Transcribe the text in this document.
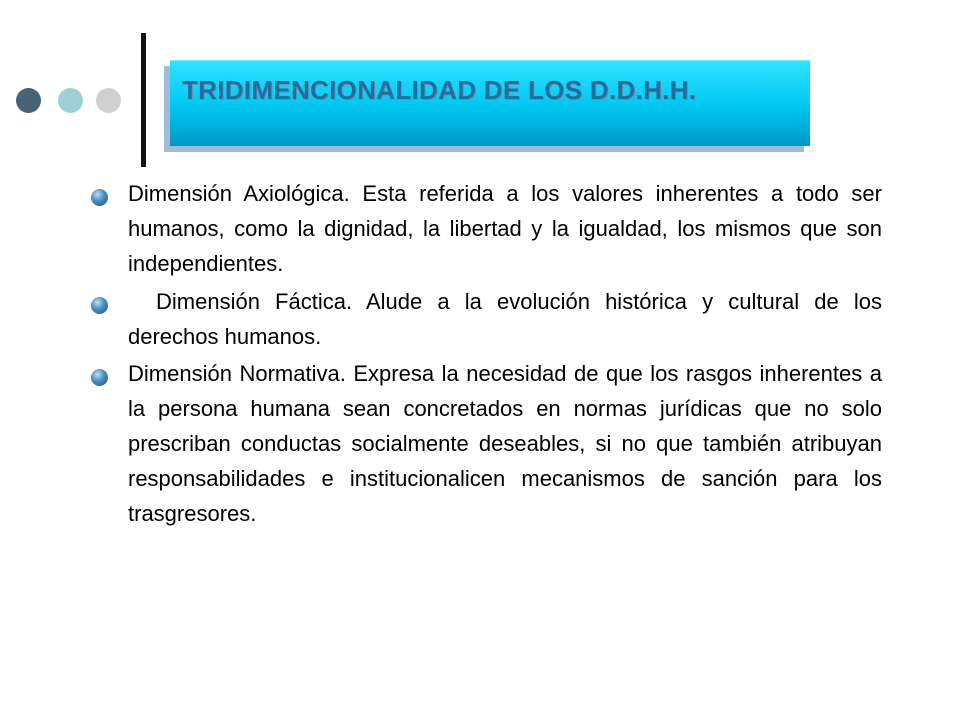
TRIDIMENCIONALIDAD DE LOS D.D.H.H.

Dimensión Axiológica. Esta referida a los valores inherentes a todo ser humanos, como la dignidad, la libertad y la igualdad, los mismos que son independientes.

Dimensión Fáctica. Alude a la evolución histórica y cultural de los derechos humanos.

Dimensión Normativa. Expresa la necesidad de que los rasgos inherentes a la persona humana sean concretados en normas jurídicas que no solo prescriban conductas socialmente deseables, si no que también atribuyan responsabilidades e institucionalicen mecanismos de sanción para los trasgresores.
